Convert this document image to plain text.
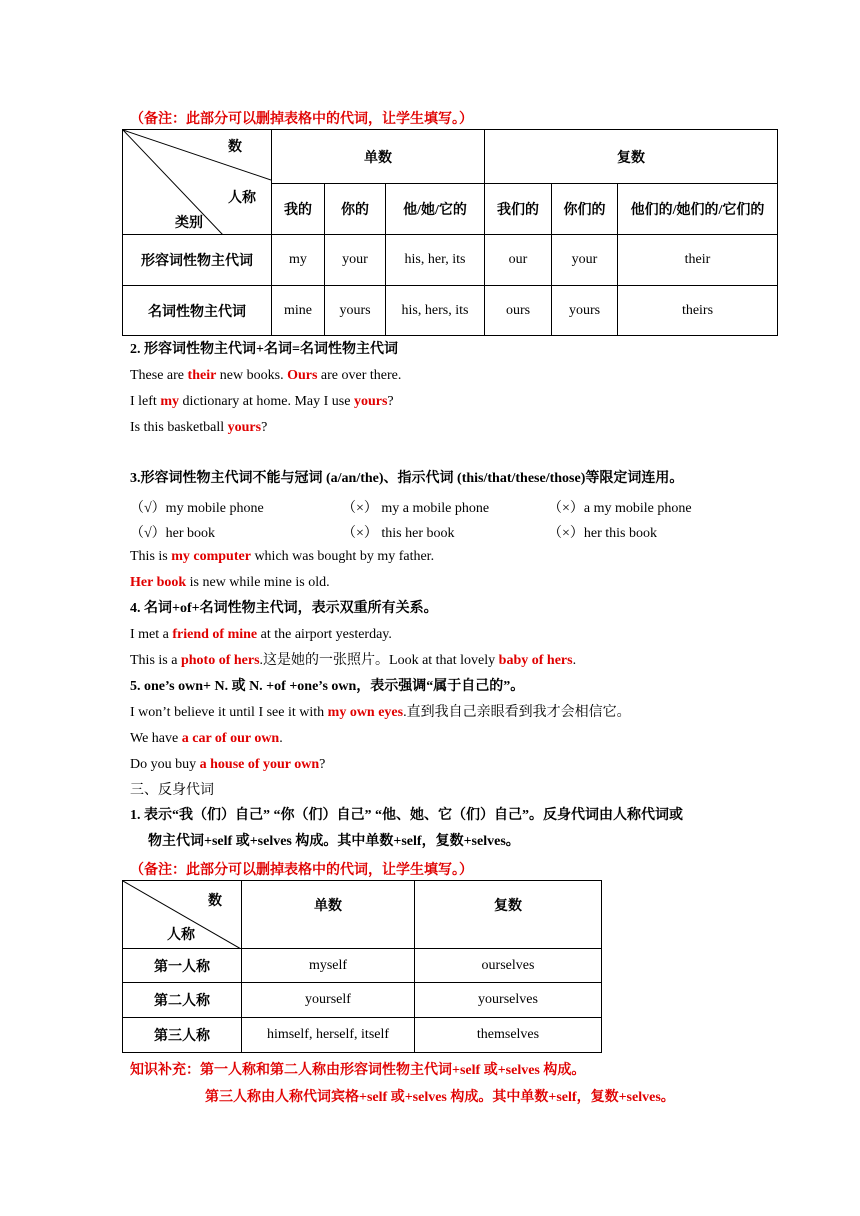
（备注：此部分可以删掉表格中的代词，让学生填写。）
数
人称
类别	单数			复数		
	我的	你的	他/她/它的	我们的	你们的	他们的/她们的/它们的
形容词性物主代词	my	your	his, her, its	our	your	their
名词性物主代词	mine	yours	his, hers, its	ours	yours	theirs
2. 形容词性物主代词+名词=名词性物主代词
These are their new books. Ours are over there.
I left my dictionary at home. May I use yours?
Is this basketball yours?
3.形容词性物主代词不能与冠词 (a/an/the)、指示代词 (this/that/these/those)等限定词连用。
（√）my mobile phone	（×） my a mobile phone	（×）a my mobile phone
（√）her book	（×） this her book	（×）her this book
This is my computer which was bought by my father.
Her book is new while mine is old.
4. 名词+of+名词性物主代词，表示双重所有关系。
I met a friend of mine at the airport yesterday.
This is a photo of hers.这是她的一张照片。Look at that lovely baby of hers.
5. one’s own+ N. 或 N. +of +one’s own，表示强调“属于自己的”。
I won’t believe it until I see it with my own eyes.直到我自己亲眼看到我才会相信它。
We have a car of our own.
Do you buy a house of your own?
三、反身代词
1. 表示“我（们）自己” “你（们）自己” “他、她、它（们）自己”。反身代词由人称代词或
物主代词+self 或+selves 构成。其中单数+self，复数+selves。
（备注：此部分可以删掉表格中的代词，让学生填写。）
数
人称	单数	复数
第一人称	myself	ourselves
第二人称	yourself	yourselves
第三人称	himself, herself, itself	themselves
知识补充：第一人称和第二人称由形容词性物主代词+self 或+selves 构成。
第三人称由人称代词宾格+self 或+selves 构成。其中单数+self，复数+selves。
